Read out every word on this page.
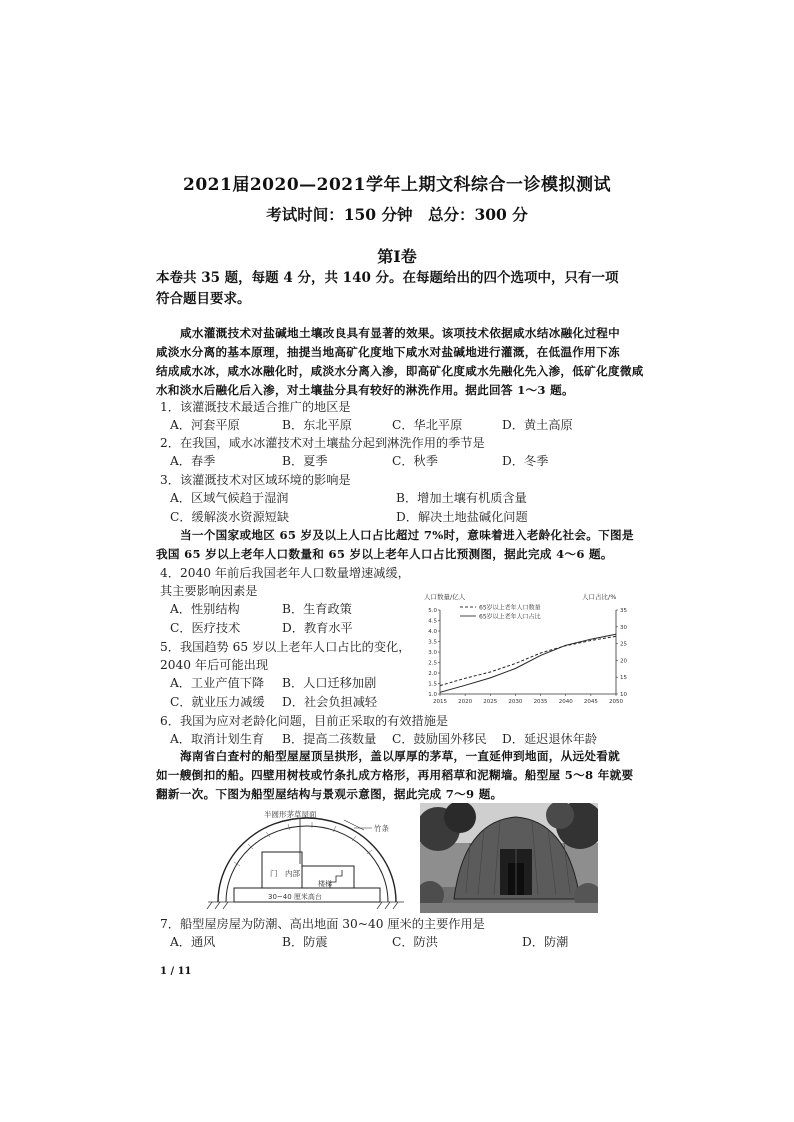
2021届2020—2021学年上期文科综合一诊模拟测试
考试时间：150 分钟　总分：300 分
第Ⅰ卷
本卷共 35 题，每题 4 分，共 140 分。在每题给出的四个选项中，只有一项符合题目要求。
咸水灌溉技术对盐碱地土壤改良具有显著的效果。该项技术依据咸水结冰融化过程中
咸淡水分离的基本原理，抽提当地高矿化度地下咸水对盐碱地进行灌溉，在低温作用下冻
结成咸水冰，咸水冰融化时，咸淡水分离入渗，即高矿化度咸水先融化先入渗，低矿化度微咸
水和淡水后融化后入渗，对土壤盐分具有较好的淋洗作用。据此回答 1～3 题。
1．该灌溉技术最适合推广的地区是
A．河套平原	B．东北平原	C．华北平原	D．黄土高原
2．在我国，咸水冰灌技术对土壤盐分起到淋洗作用的季节是
A．春季	B．夏季	C．秋季	D．冬季
3．该灌溉技术对区域环境的影响是
A．区域气候趋于湿润	B．增加土壤有机质含量
C．缓解淡水资源短缺	D．解决土地盐碱化问题
当一个国家或地区 65 岁及以上人口占比超过 7%时，意味着进入老龄化社会。下图是
我国 65 岁以上老年人口数量和 65 岁以上老年人口占比预测图，据此完成 4～6 题。
4．2040 年前后我国老年人口数量增速减缓，
其主要影响因素是
A．性别结构	B．生育政策
C．医疗技术	D．教育水平
5．我国趋势 65 岁以上老年人口占比的变化，
2040 年后可能出现
A．工业产值下降 B．人口迁移加剧
C．就业压力减缓 D．社会负担减轻
人口数量/亿人	人口占比/%
1.0
1.5
2.0
2.5
3.0
3.5
4.0
4.5
5.0
10
15
20
25
30
35
2015 2020 2025 2030 2035 2040 2045 2050
65岁以上老年人口数量
65岁以上老年人口占比
6．我国为应对老龄化问题，目前正采取的有效措施是
A．取消计划生育 B．提高二孩数量 C．鼓励国外移民 D．延迟退休年龄
海南省白查村的船型屋屋顶呈拱形，盖以厚厚的茅草，一直延伸到地面，从远处看就
如一艘倒扣的船。四壁用树枝或竹条扎成方格形，再用稻草和泥糊墙。船型屋 5～8 年就要
翻新一次。下图为船型屋结构与景观示意图，据此完成 7～9 题。
半圆形茅草屋面
竹条
门　内部
楼梯
30~40 厘米高台
7．船型屋房屋为防潮、高出地面 30~40 厘米的主要作用是
A．通风	B．防震	C．防洪	D．防潮
1 / 11
